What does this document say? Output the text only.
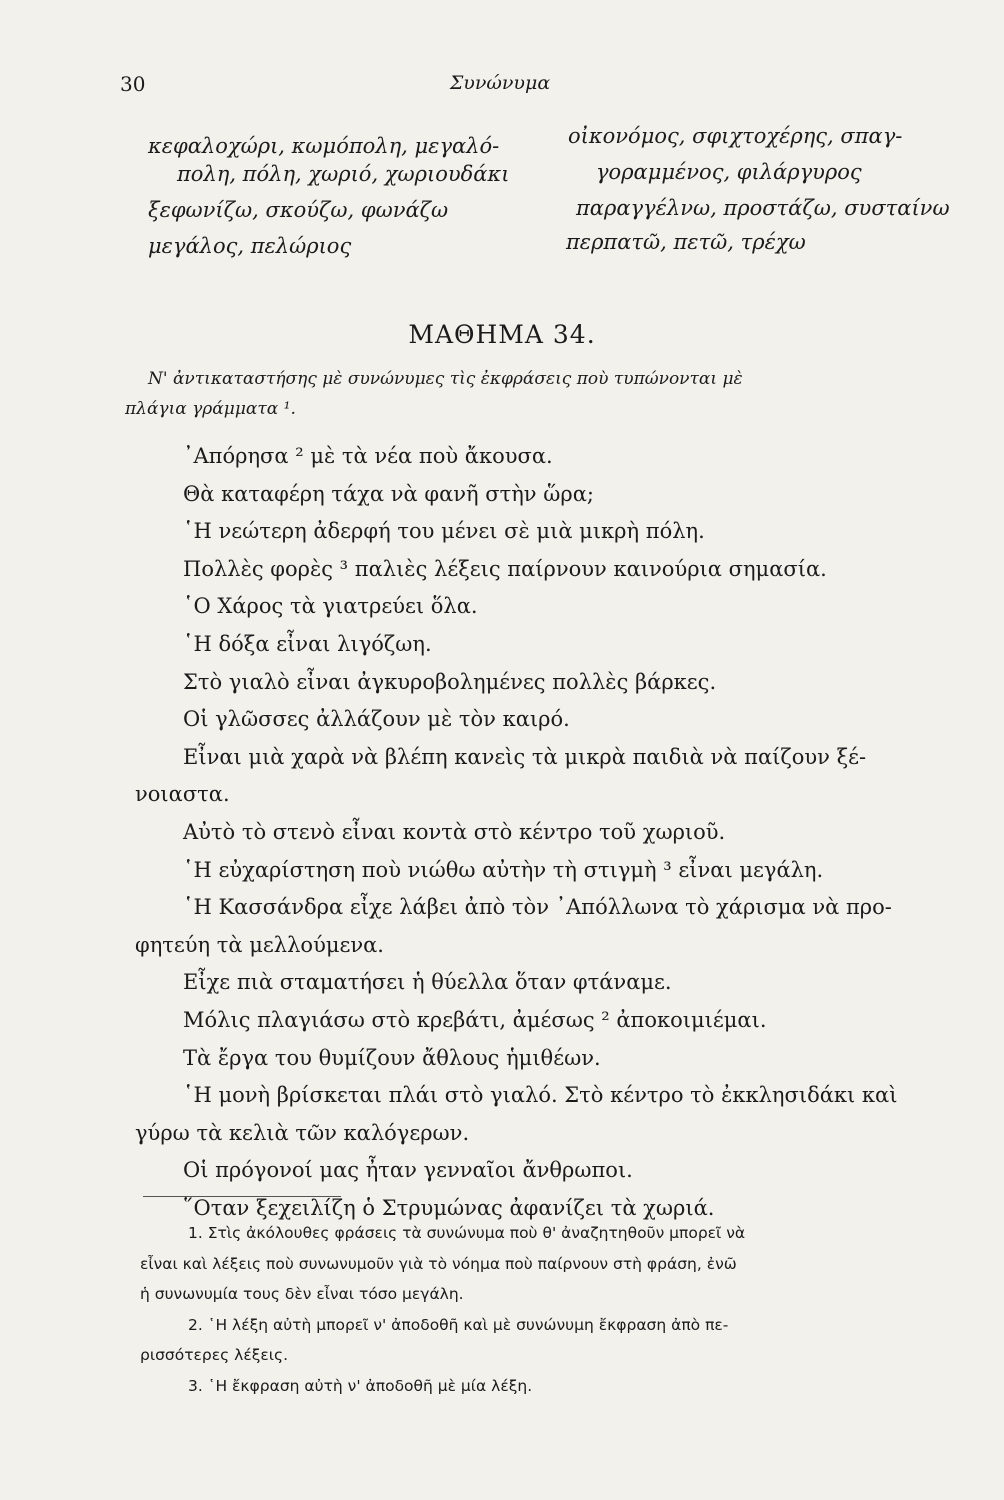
30	Συνώνυμα
κεφαλοχώρι, κωμόπολη, μεγαλό-
πολη, πόλη, χωριό, χωριουδάκι
ξεφωνίζω, σκούζω, φωνάζω
μεγάλος, πελώριος
οἰκονόμος, σφιχτοχέρης, σπαγ-
γοραμμένος, φιλάργυρος
παραγγέλνω, προστάζω, συσταίνω
περπατῶ, πετῶ, τρέχω
ΜΑΘΗΜΑ 34.
Ν' ἀντικαταστήσης μὲ συνώνυμες τὶς ἐκφράσεις ποὺ τυπώνονται μὲ
πλάγια γράμματα ¹.
᾿Απόρησα ² μὲ τὰ νέα ποὺ ἄκουσα.
Θὰ καταφέρη τάχα νὰ φανῆ στὴν ὥρα;
῾Η νεώτερη ἀδερφή του μένει σὲ μιὰ μικρὴ πόλη.
Πολλὲς φορὲς ³ παλιὲς λέξεις παίρνουν καινούρια σημασία.
῾Ο Χάρος τὰ γιατρεύει ὅλα.
῾Η δόξα εἶναι λιγόζωη.
Στὸ γιαλὸ εἶναι ἀγκυροβολημένες πολλὲς βάρκες.
Οἱ γλῶσσες ἀλλάζουν μὲ τὸν καιρό.
Εἶναι μιὰ χαρὰ νὰ βλέπη κανεὶς τὰ μικρὰ παιδιὰ νὰ παίζουν ξέ-
νοιαστα.
Αὐτὸ τὸ στενὸ εἶναι κοντὰ στὸ κέντρο τοῦ χωριοῦ.
῾Η εὐχαρίστηση ποὺ νιώθω αὐτὴν τὴ στιγμὴ ³ εἶναι μεγάλη.
῾Η Κασσάνδρα εἶχε λάβει ἀπὸ τὸν ᾿Απόλλωνα τὸ χάρισμα νὰ προ-
φητεύη τὰ μελλούμενα.
Εἶχε πιὰ σταματήσει ἡ θύελλα ὅταν φτάναμε.
Μόλις πλαγιάσω στὸ κρεβάτι, ἀμέσως ² ἀποκοιμιέμαι.
Τὰ ἔργα του θυμίζουν ἄθλους ἡμιθέων.
῾Η μονὴ βρίσκεται πλάι στὸ γιαλό. Στὸ κέντρο τὸ ἐκκλησιδάκι καὶ
γύρω τὰ κελιὰ τῶν καλόγερων.
Οἱ πρόγονοί μας ἦταν γενναῖοι ἄνθρωποι.
῞Οταν ξεχειλίζη ὁ Στρυμώνας ἀφανίζει τὰ χωριά.
1. Στὶς ἀκόλουθες φράσεις τὰ συνώνυμα ποὺ θ' ἀναζητηθοῦν μπορεῖ νὰ
εἶναι καὶ λέξεις ποὺ συνωνυμοῦν γιὰ τὸ νόημα ποὺ παίρνουν στὴ φράση, ἐνῶ
ἡ συνωνυμία τους δὲν εἶναι τόσο μεγάλη.
2. ῾Η λέξη αὐτὴ μπορεῖ ν' ἀποδοθῆ καὶ μὲ συνώνυμη ἔκφραση ἀπὸ πε-
ρισσότερες λέξεις.
3. ῾Η ἔκφραση αὐτὴ ν' ἀποδοθῆ μὲ μία λέξη.
